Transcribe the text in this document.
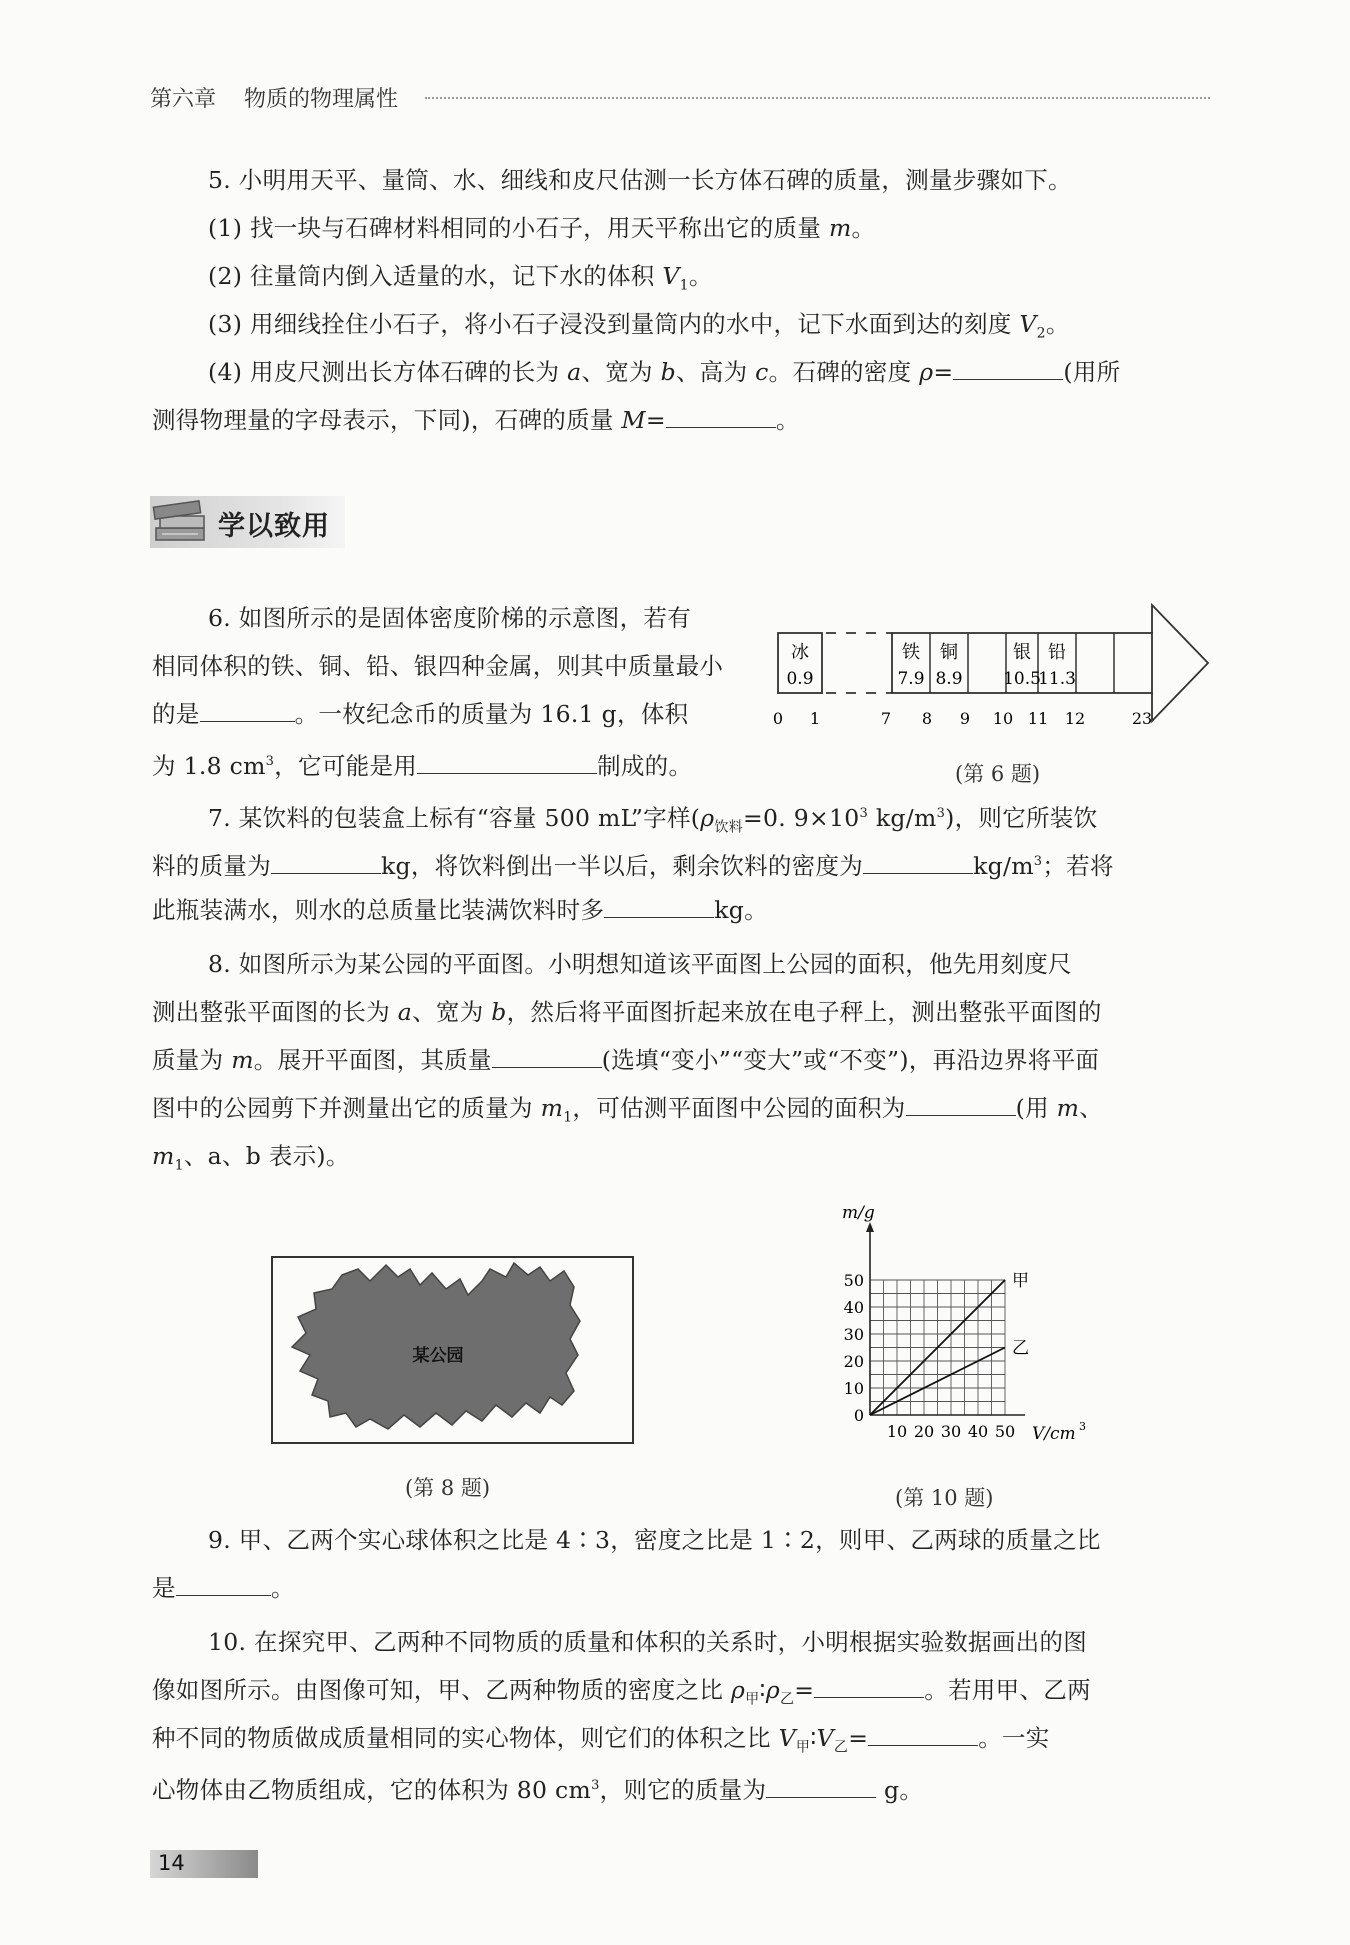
第六章 物质的物理属性
5. 小明用天平、量筒、水、细线和皮尺估测一长方体石碑的质量，测量步骤如下。
(1) 找一块与石碑材料相同的小石子，用天平称出它的质量 m。
(2) 往量筒内倒入适量的水，记下水的体积 $V_1$。
(3) 用细线拴住小石子，将小石子浸没到量筒内的水中，记下水面到达的刻度 $V_2$。
(4) 用皮尺测出长方体石碑的长为 a、宽为 b、高为 c。石碑的密度 ρ=	(用所
测得物理量的字母表示，下同)，石碑的质量 M=	。
学以致用
6. 如图所示的是固体密度阶梯的示意图，若有
相同体积的铁、铜、铅、银四种金属，则其中质量最小
的是	。一枚纪念币的质量为 16.1 g，体积
为 1.8 $cm^3$，它可能是用	制成的。
冰
0.9
铁
7.9
铜
8.9
银
10.5
铅
11.3
0 1	7 8 9 10 11 12	23
(第 6 题)
7. 某饮料的包装盒上标有“容量 500 mL”字样($\rho_{饮料}=0$. $9\times 10^3$ $kg/m^3$)，则它所装饮
料的质量为	kg，将饮料倒出一半以后，剩余饮料的密度为	$kg/m^3$；若将
此瓶装满水，则水的总质量比装满饮料时多	kg。
8. 如图所示为某公园的平面图。小明想知道该平面图上公园的面积，他先用刻度尺
测出整张平面图的长为 a、宽为 b，然后将平面图折起来放在电子秤上，测出整张平面图的
质量为 m。展开平面图，其质量	(选填“变小”“变大”或“不变”)，再沿边界将平面
图中的公园剪下并测量出它的质量为 $m_1$，可估测平面图中公园的面积为	(用 m、
$m_1$、a、b 表示)。
某公园
(第 8 题)
10 20 30 40 50
0
10
20
30
40
50	甲
乙
m/g
V/cm 3
(第 10 题)
9. 甲、乙两个实心球体积之比是 4∶3，密度之比是 1∶2，则甲、乙两球的质量之比
是	。
10. 在探究甲、乙两种不同物质的质量和体积的关系时，小明根据实验数据画出的图
像如图所示。由图像可知，甲、乙两种物质的密度之比 $\rho_甲∶\rho_乙=$	。若用甲、乙两
种不同的物质做成质量相同的实心物体，则它们的体积之比 $V_甲∶V_乙=$	。一实
心物体由乙物质组成，它的体积为 80 $cm^3$，则它的质量为	g。
14
